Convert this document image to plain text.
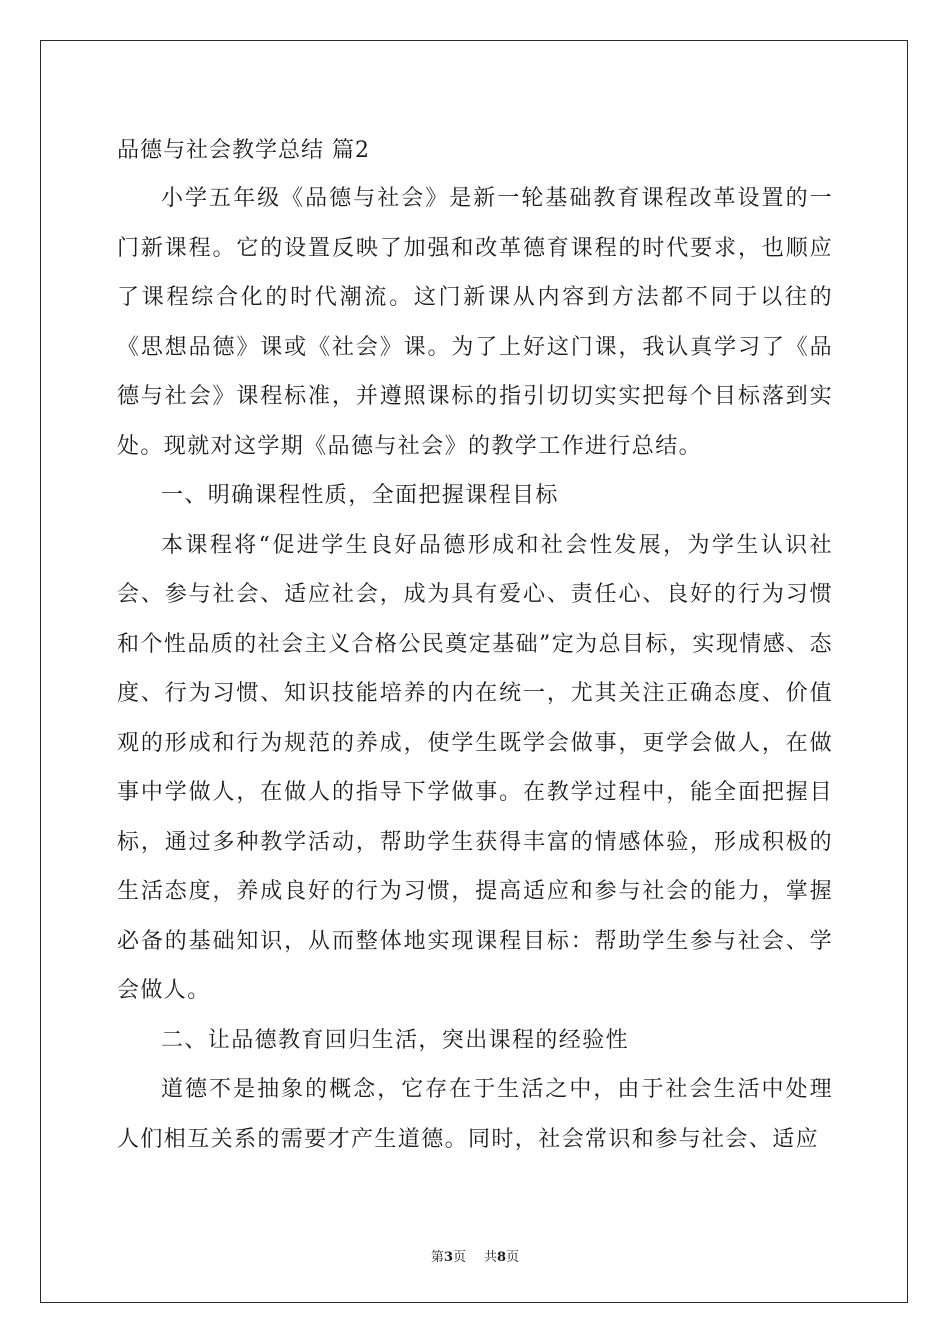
品德与社会教学总结 篇2

小学五年级《品德与社会》是新一轮基础教育课程改革设置的一门新课程。它的设置反映了加强和改革德育课程的时代要求，也顺应了课程综合化的时代潮流。这门新课从内容到方法都不同于以往的《思想品德》课或《社会》课。为了上好这门课，我认真学习了《品德与社会》课程标准，并遵照课标的指引切切实实把每个目标落到实处。现就对这学期《品德与社会》的教学工作进行总结。

一、明确课程性质，全面把握课程目标

本课程将“促进学生良好品德形成和社会性发展，为学生认识社会、参与社会、适应社会，成为具有爱心、责任心、良好的行为习惯和个性品质的社会主义合格公民奠定基础”定为总目标，实现情感、态度、行为习惯、知识技能培养的内在统一，尤其关注正确态度、价值观的形成和行为规范的养成，使学生既学会做事，更学会做人，在做事中学做人，在做人的指导下学做事。在教学过程中，能全面把握目标，通过多种教学活动，帮助学生获得丰富的情感体验，形成积极的生活态度，养成良好的行为习惯，提高适应和参与社会的能力，掌握必备的基础知识，从而整体地实现课程目标：帮助学生参与社会、学会做人。

二、让品德教育回归生活，突出课程的经验性

道德不是抽象的概念，它存在于生活之中，由于社会生活中处理人们相互关系的需要才产生道德。同时，社会常识和参与社会、适应

第3页 共8页
